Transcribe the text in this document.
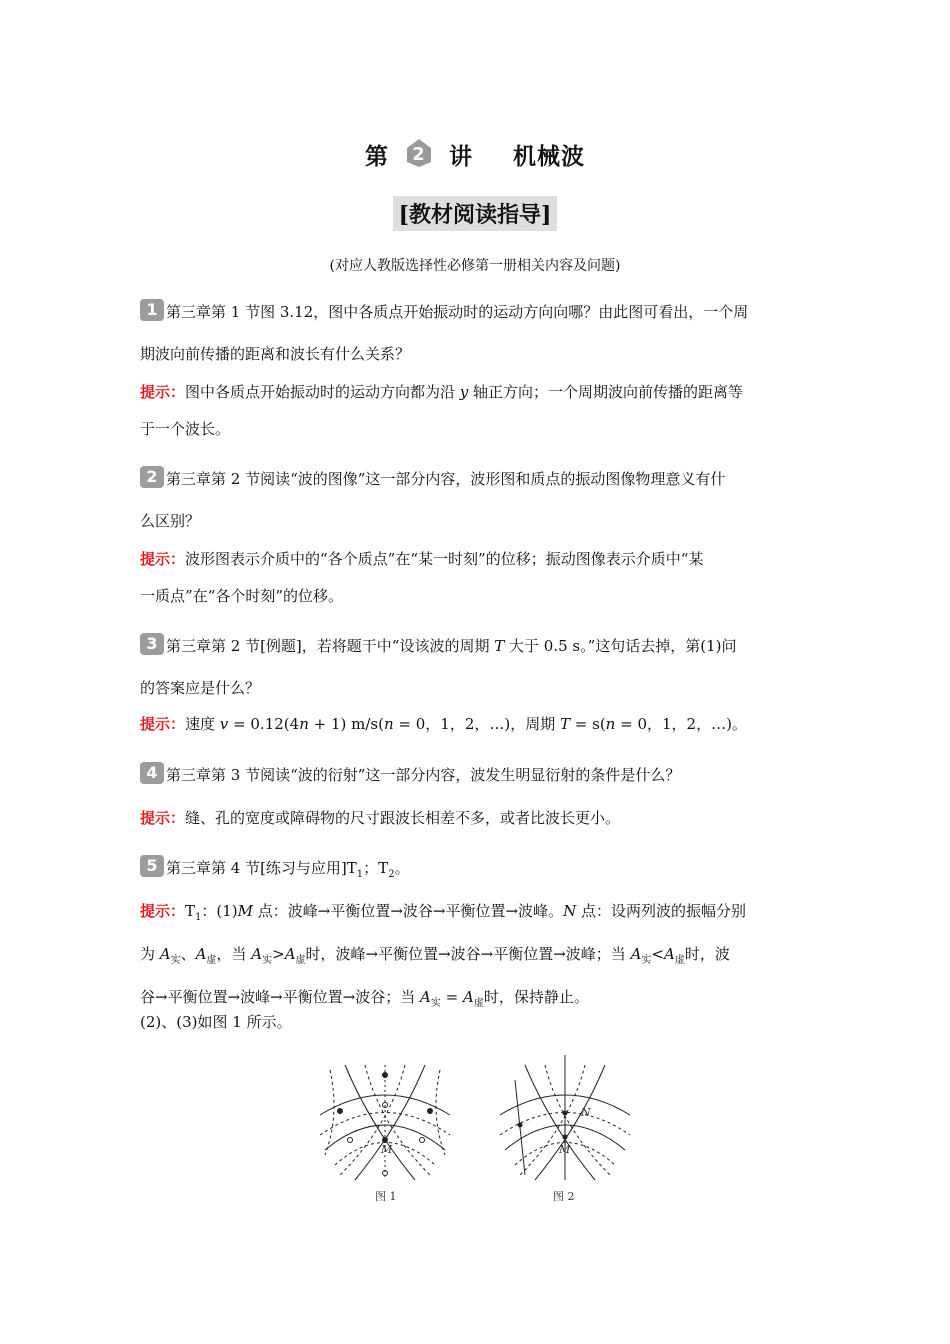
第 2 讲 机械波
[教材阅读指导]
(对应人教版选择性必修第一册相关内容及问题)
1 第三章第 1 节图 3.12，图中各质点开始振动时的运动方向向哪？由此图可看出，一个周
期波向前传播的距离和波长有什么关系？
提示：图中各质点开始振动时的运动方向都为沿 y 轴正方向；一个周期波向前传播的距离等
于一个波长。
2 第三章第 2 节阅读“波的图像”这一部分内容，波形图和质点的振动图像物理意义有什
么区别？
提示：波形图表示介质中的“各个质点”在“某一时刻”的位移；振动图像表示介质中“某
一质点”在“各个时刻”的位移。
3 第三章第 2 节[例题]，若将题干中“设该波的周期 T 大于 0.5 s。”这句话去掉，第(1)问
的答案应是什么？
提示：速度 v = 0.12(4n + 1) m/s(n = 0，1，2，…)，周期 T = s(n = 0，1，2，…)。
4 第三章第 3 节阅读“波的衍射”这一部分内容，波发生明显衍射的条件是什么？
提示：缝、孔的宽度或障碍物的尺寸跟波长相差不多，或者比波长更小。
5 第三章第 4 节[练习与应用]$T_1$；$T_2$。
提示：$T_1$：(1)M 点：波峰→平衡位置→波谷→平衡位置→波峰。N 点：设两列波的振幅分别
为 $A_实$、$A_虚$，当 $A_实>A_虚$时，波峰→平衡位置→波谷→平衡位置→波峰；当 $A_实<A_虚$时，波
谷→平衡位置→波峰→平衡位置→波谷；当 $A_实 = A_虚$时，保持静止。
(2)、(3)如图 1 所示。
M
图 1
N
M
图 2
